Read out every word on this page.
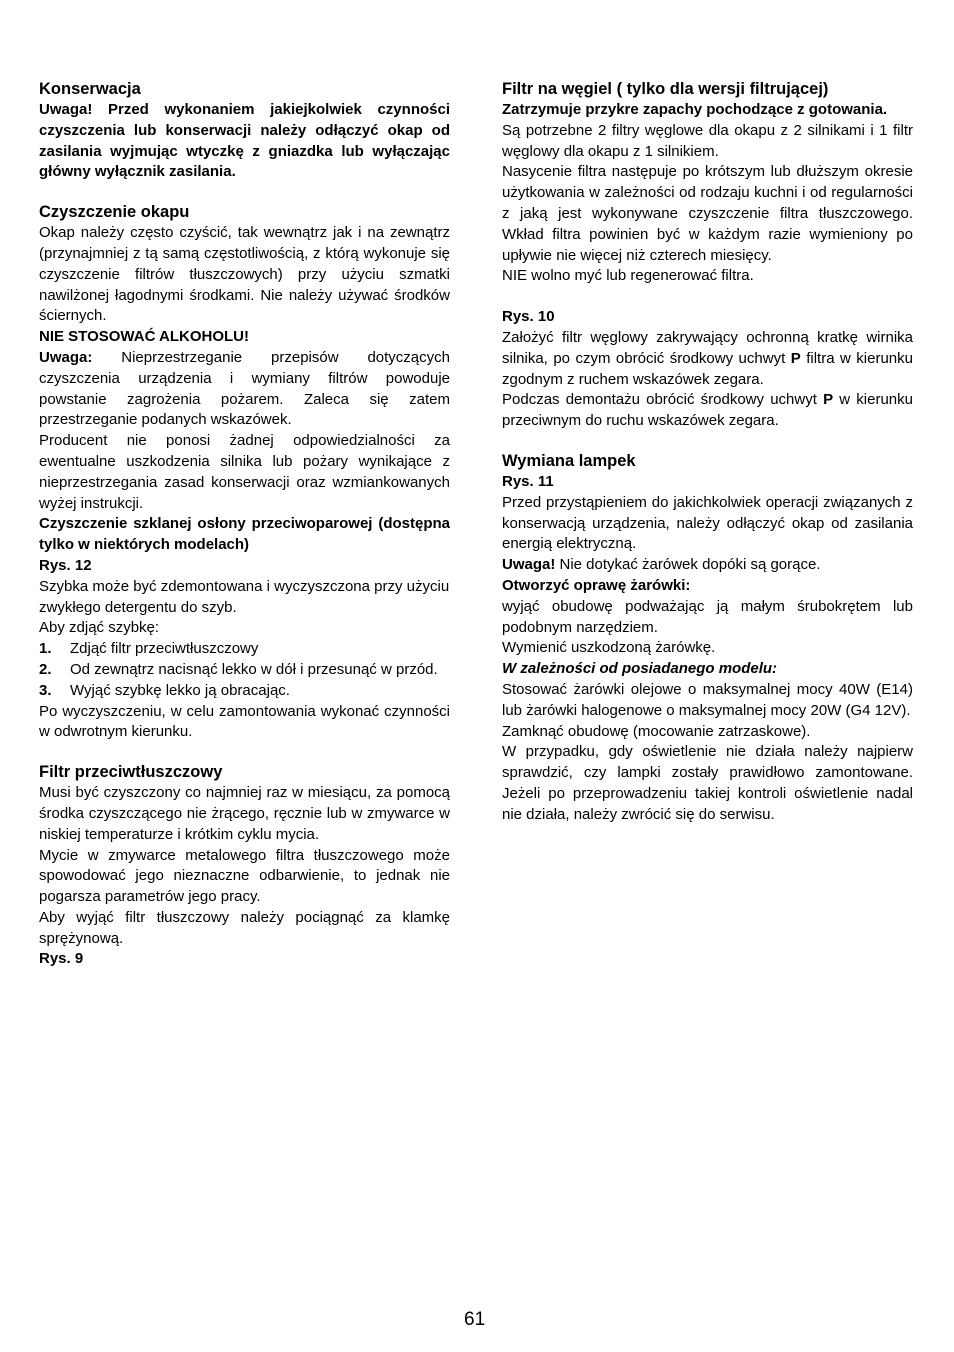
Konserwacja

Uwaga! Przed wykonaniem jakiejkolwiek czynności czyszczenia lub konserwacji należy odłączyć okap od zasilania wyjmując wtyczkę z gniazdka lub wyłączając główny wyłącznik zasilania.

Czyszczenie okapu

Okap należy często czyścić, tak wewnątrz jak i na zewnątrz (przynajmniej z tą samą częstotliwością, z którą wykonuje się czyszczenie filtrów tłuszczowych) przy użyciu szmatki nawilżonej łagodnymi środkami. Nie należy używać środków ściernych.

NIE STOSOWAĆ ALKOHOLU!

Uwaga: Nieprzestrzeganie przepisów dotyczących czyszczenia urządzenia i wymiany filtrów powoduje powstanie zagrożenia pożarem. Zaleca się zatem przestrzeganie podanych wskazówek.

Producent nie ponosi żadnej odpowiedzialności za ewentualne uszkodzenia silnika lub pożary wynikające z nieprzestrzegania zasad konserwacji oraz wzmiankowanych wyżej instrukcji.

Czyszczenie szklanej osłony przeciwoparowej (dostępna tylko w niektórych modelach)

Rys. 12

Szybka może być zdemontowana i wyczyszczona przy użyciu zwykłego detergentu do szyb.

Aby zdjąć szybkę:

1.	Zdjąć filtr przeciwtłuszczowy
2.	Od zewnątrz nacisnąć lekko w dół i przesunąć w przód.
3.	Wyjąć szybkę lekko ją obracając.

Po wyczyszczeniu, w celu zamontowania wykonać czynności w odwrotnym kierunku.

Filtr przeciwtłuszczowy

Musi być czyszczony co najmniej raz w miesiącu, za pomocą środka czyszczącego nie żrącego, ręcznie lub w zmywarce w niskiej temperaturze i krótkim cyklu mycia.

Mycie w zmywarce metalowego filtra tłuszczowego może spowodować jego nieznaczne odbarwienie, to jednak nie pogarsza parametrów jego pracy.

Aby wyjąć filtr tłuszczowy należy pociągnąć za klamkę sprężynową.

Rys. 9

Filtr na węgiel ( tylko dla wersji filtrującej)

Zatrzymuje przykre zapachy pochodzące z gotowania.

Są potrzebne 2 filtry węglowe dla okapu z 2 silnikami i 1 filtr węglowy dla okapu z 1 silnikiem.

Nasycenie filtra następuje po krótszym lub dłuższym okresie użytkowania w zależności od rodzaju kuchni i od regularności z jaką jest wykonywane czyszczenie filtra tłuszczowego. Wkład filtra powinien być w każdym razie wymieniony po upływie nie więcej niż czterech miesięcy.

NIE wolno myć lub regenerować filtra.

Rys. 10

Założyć filtr węglowy zakrywający ochronną kratkę wirnika silnika, po czym obrócić środkowy uchwyt P filtra w kierunku zgodnym z ruchem wskazówek zegara.

Podczas demontażu obrócić środkowy uchwyt P w kierunku przeciwnym do ruchu wskazówek zegara.

Wymiana lampek

Rys. 11

Przed przystąpieniem do jakichkolwiek operacji związanych z konserwacją urządzenia, należy odłączyć okap od zasilania energią elektryczną.

Uwaga! Nie dotykać żarówek dopóki są gorące.

Otworzyć oprawę żarówki:

wyjąć obudowę podważając ją małym śrubokrętem lub podobnym narzędziem.

Wymienić uszkodzoną żarówkę.

W zależności od posiadanego modelu:

Stosować żarówki olejowe o maksymalnej mocy 40W (E14) lub żarówki halogenowe o maksymalnej mocy 20W (G4 12V).

Zamknąć obudowę (mocowanie zatrzaskowe).

W przypadku, gdy oświetlenie nie działa należy najpierw sprawdzić, czy lampki zostały prawidłowo zamontowane. Jeżeli po przeprowadzeniu takiej kontroli oświetlenie nadal nie działa, należy zwrócić się do serwisu.

61
